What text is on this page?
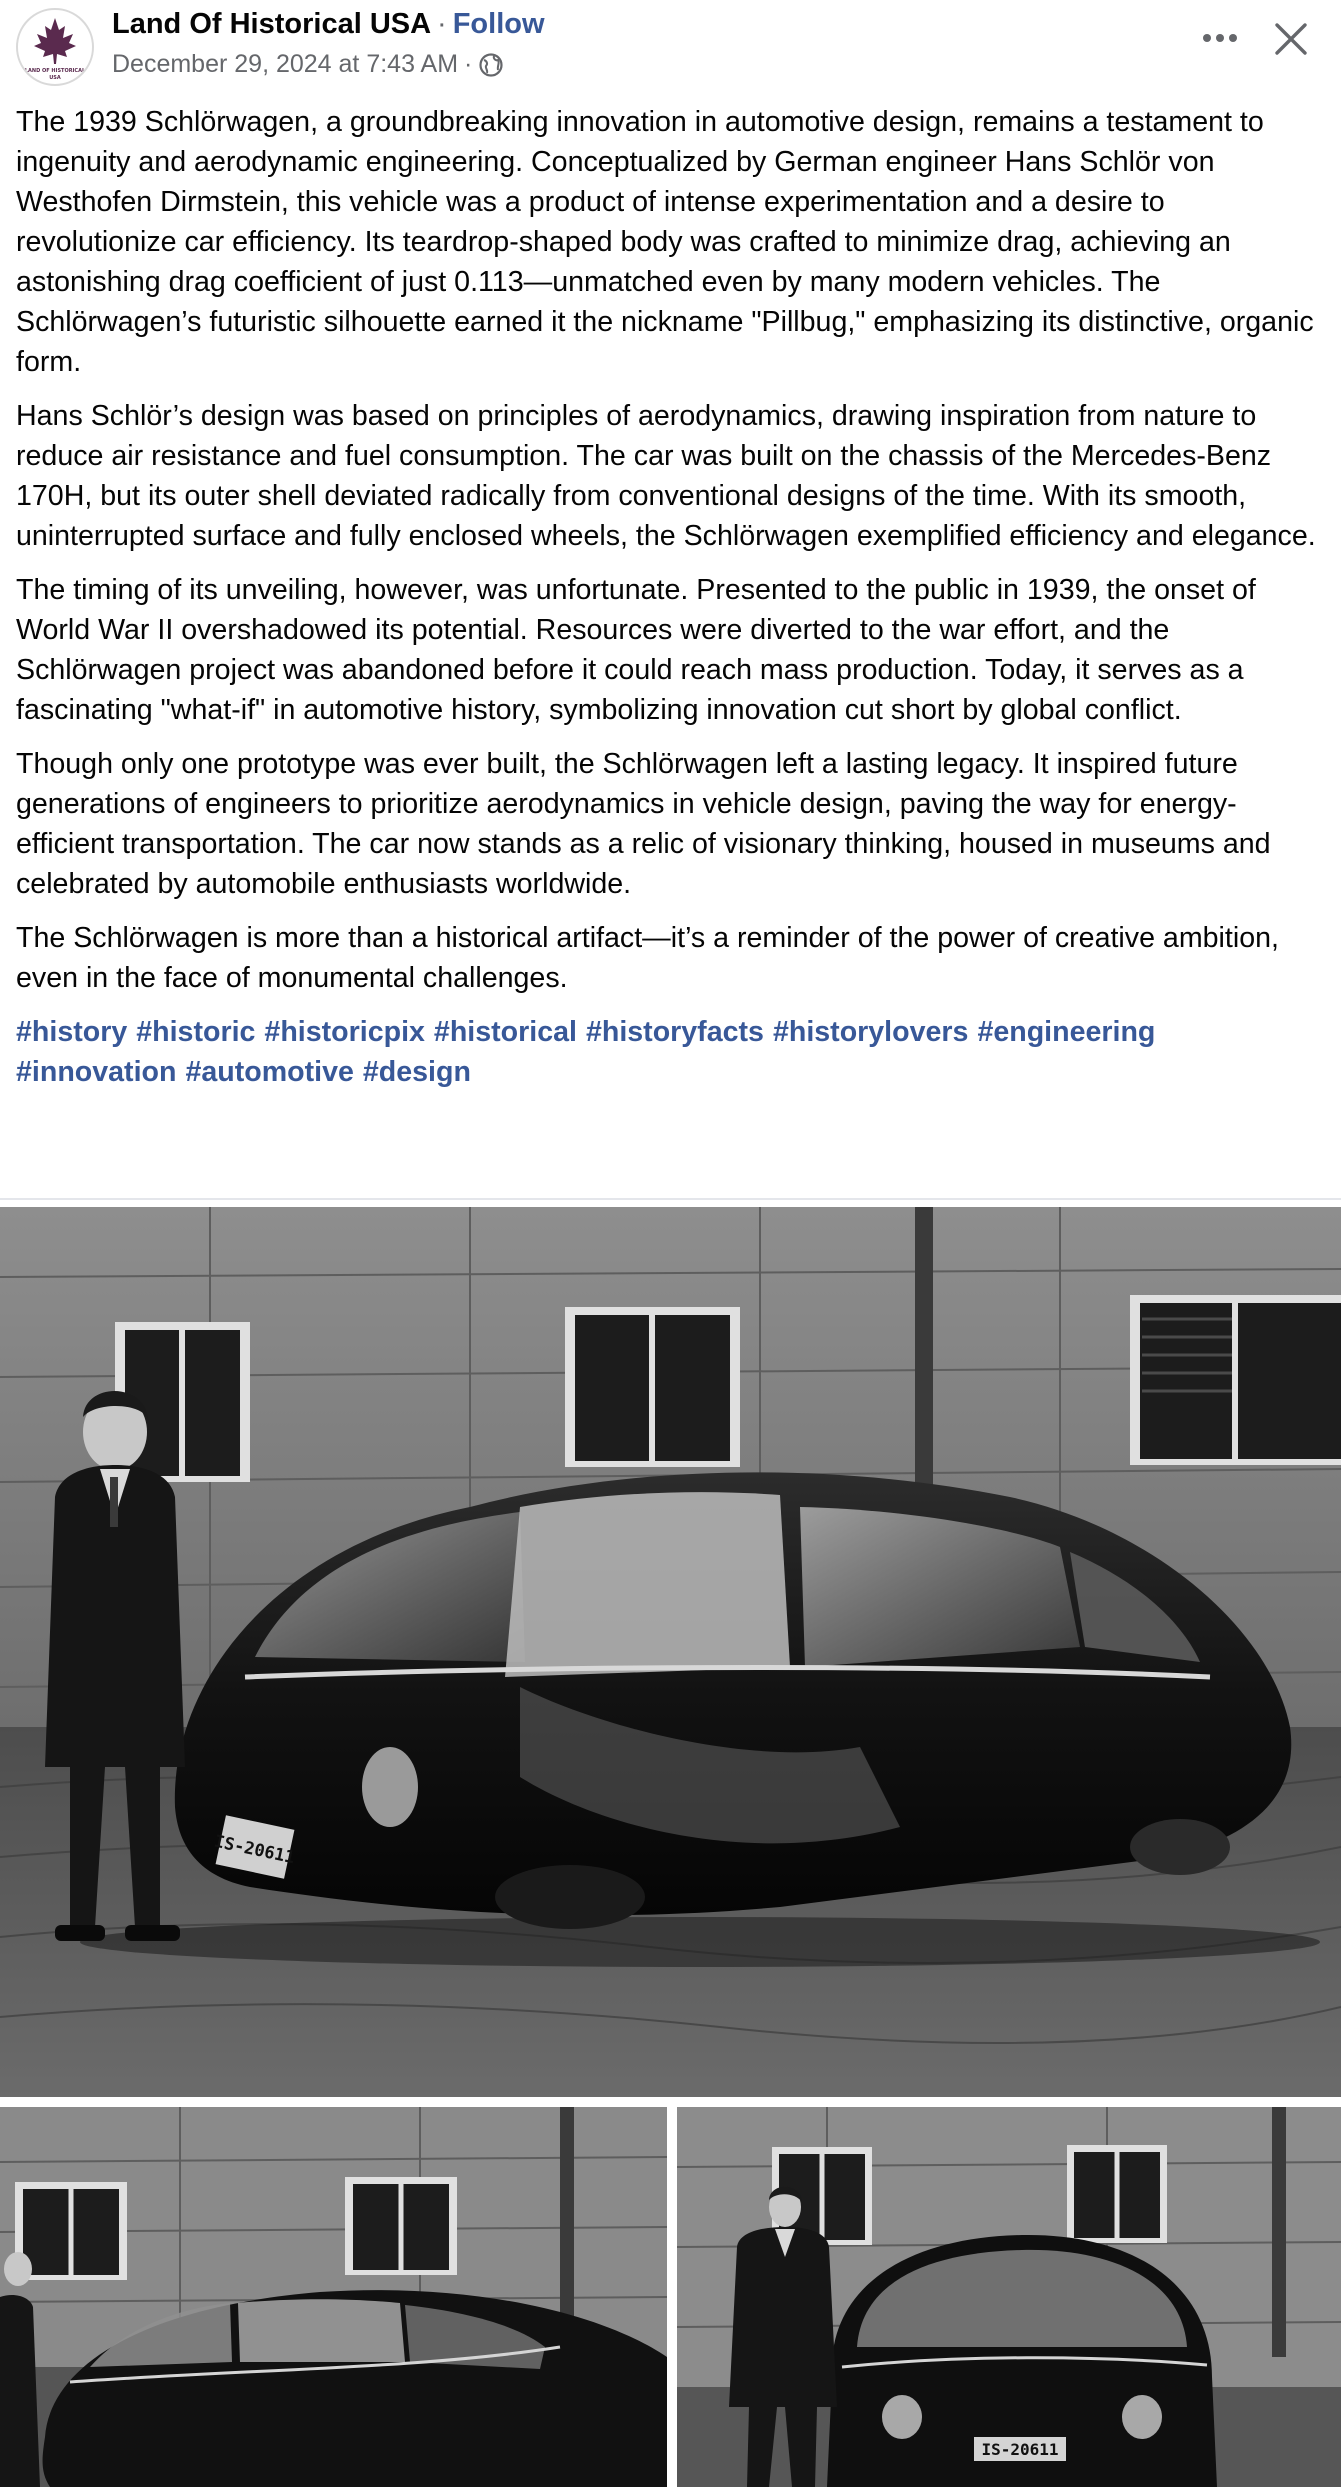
LAND OF HISTORICAL
USA
Land Of Historical USA · Follow
December 29, 2024 at 7:43 AM ·

The 1939 Schlörwagen, a groundbreaking innovation in automotive design, remains a testament to ingenuity and aerodynamic engineering. Conceptualized by German engineer Hans Schlör von Westhofen Dirmstein, this vehicle was a product of intense experimentation and a desire to revolutionize car efficiency. Its teardrop-shaped body was crafted to minimize drag, achieving an astonishing drag coefficient of just 0.113—unmatched even by many modern vehicles. The Schlörwagen’s futuristic silhouette earned it the nickname "Pillbug," emphasizing its distinctive, organic form.

Hans Schlör’s design was based on principles of aerodynamics, drawing inspiration from nature to reduce air resistance and fuel consumption. The car was built on the chassis of the Mercedes-Benz 170H, but its outer shell deviated radically from conventional designs of the time. With its smooth, uninterrupted surface and fully enclosed wheels, the Schlörwagen exemplified efficiency and elegance.

The timing of its unveiling, however, was unfortunate. Presented to the public in 1939, the onset of World War II overshadowed its potential. Resources were diverted to the war effort, and the Schlörwagen project was abandoned before it could reach mass production. Today, it serves as a fascinating "what-if" in automotive history, symbolizing innovation cut short by global conflict.

Though only one prototype was ever built, the Schlörwagen left a lasting legacy. It inspired future generations of engineers to prioritize aerodynamics in vehicle design, paving the way for energy-efficient transportation. The car now stands as a relic of visionary thinking, housed in museums and celebrated by automobile enthusiasts worldwide.

The Schlörwagen is more than a historical artifact—it’s a reminder of the power of creative ambition, even in the face of monumental challenges.

#history #historic #historicpix #historical #historyfacts #historylovers #engineering
#innovation #automotive #design
IS-20611
IS-20611
